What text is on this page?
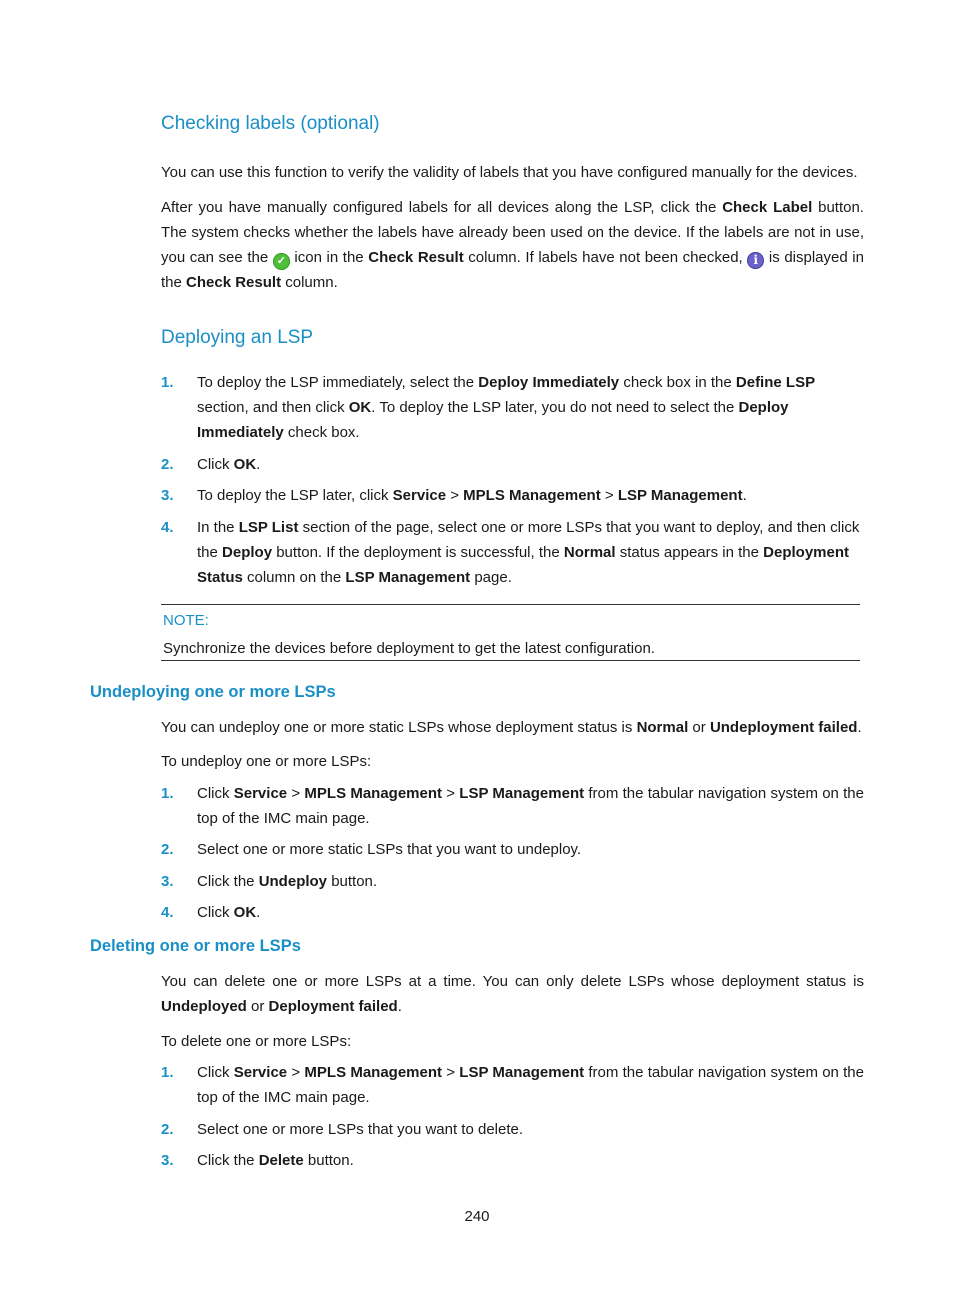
Checking labels (optional)

You can use this function to verify the validity of labels that you have configured manually for the devices.

After you have manually configured labels for all devices along the LSP, click the Check Label button. The system checks whether the labels have already been used on the device. If the labels are not in use, you can see the ✓ icon in the Check Result column. If labels have not been checked, i is displayed in the Check Result column.

Deploying an LSP
1. To deploy the LSP immediately, select the Deploy Immediately check box in the Define LSP section, and then click OK. To deploy the LSP later, you do not need to select the Deploy Immediately check box.
2. Click OK.
3. To deploy the LSP later, click Service > MPLS Management > LSP Management.
4. In the LSP List section of the page, select one or more LSPs that you want to deploy, and then click the Deploy button. If the deployment is successful, the Normal status appears in the Deployment Status column on the LSP Management page.
NOTE:
Synchronize the devices before deployment to get the latest configuration.
Undeploying one or more LSPs

You can undeploy one or more static LSPs whose deployment status is Normal or Undeployment failed.

To undeploy one or more LSPs:

1. Click Service > MPLS Management > LSP Management from the tabular navigation system on the top of the IMC main page.
2. Select one or more static LSPs that you want to undeploy.
3. Click the Undeploy button.
4. Click OK.
Deleting one or more LSPs

You can delete one or more LSPs at a time. You can only delete LSPs whose deployment status is Undeployed or Deployment failed.

To delete one or more LSPs:

1. Click Service > MPLS Management > LSP Management from the tabular navigation system on the top of the IMC main page.
2. Select one or more LSPs that you want to delete.
3. Click the Delete button.
240
